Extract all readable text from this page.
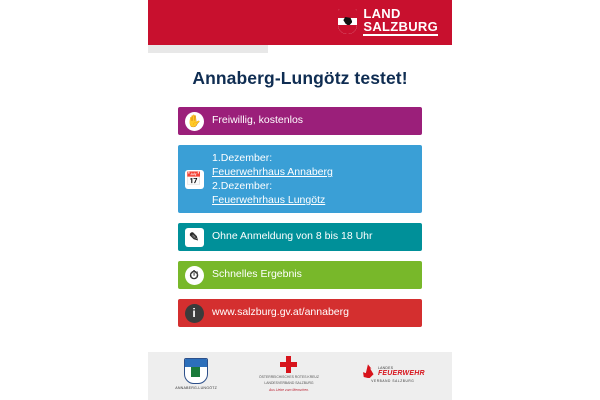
LAND
SALZBURG
Annaberg-Lungötz testet!
✋ Freiwillig, kostenlos
📅
1.Dezember:
Feuerwehrhaus Annaberg
2.Dezember:
Feuerwehrhaus Lungötz
✎ Ohne Anmeldung von 8 bis 18 Uhr
⏱ Schnelles Ergebnis
i www.salzburg.gv.at/annaberg
ANNABERG-LUNGÖTZ
ÖSTERREICHISCHES ROTES KREUZ
LANDESVERBAND SALZBURG
Aus Liebe zum Menschen.
LANDES
FEUERWEHR
VERBAND SALZBURG
